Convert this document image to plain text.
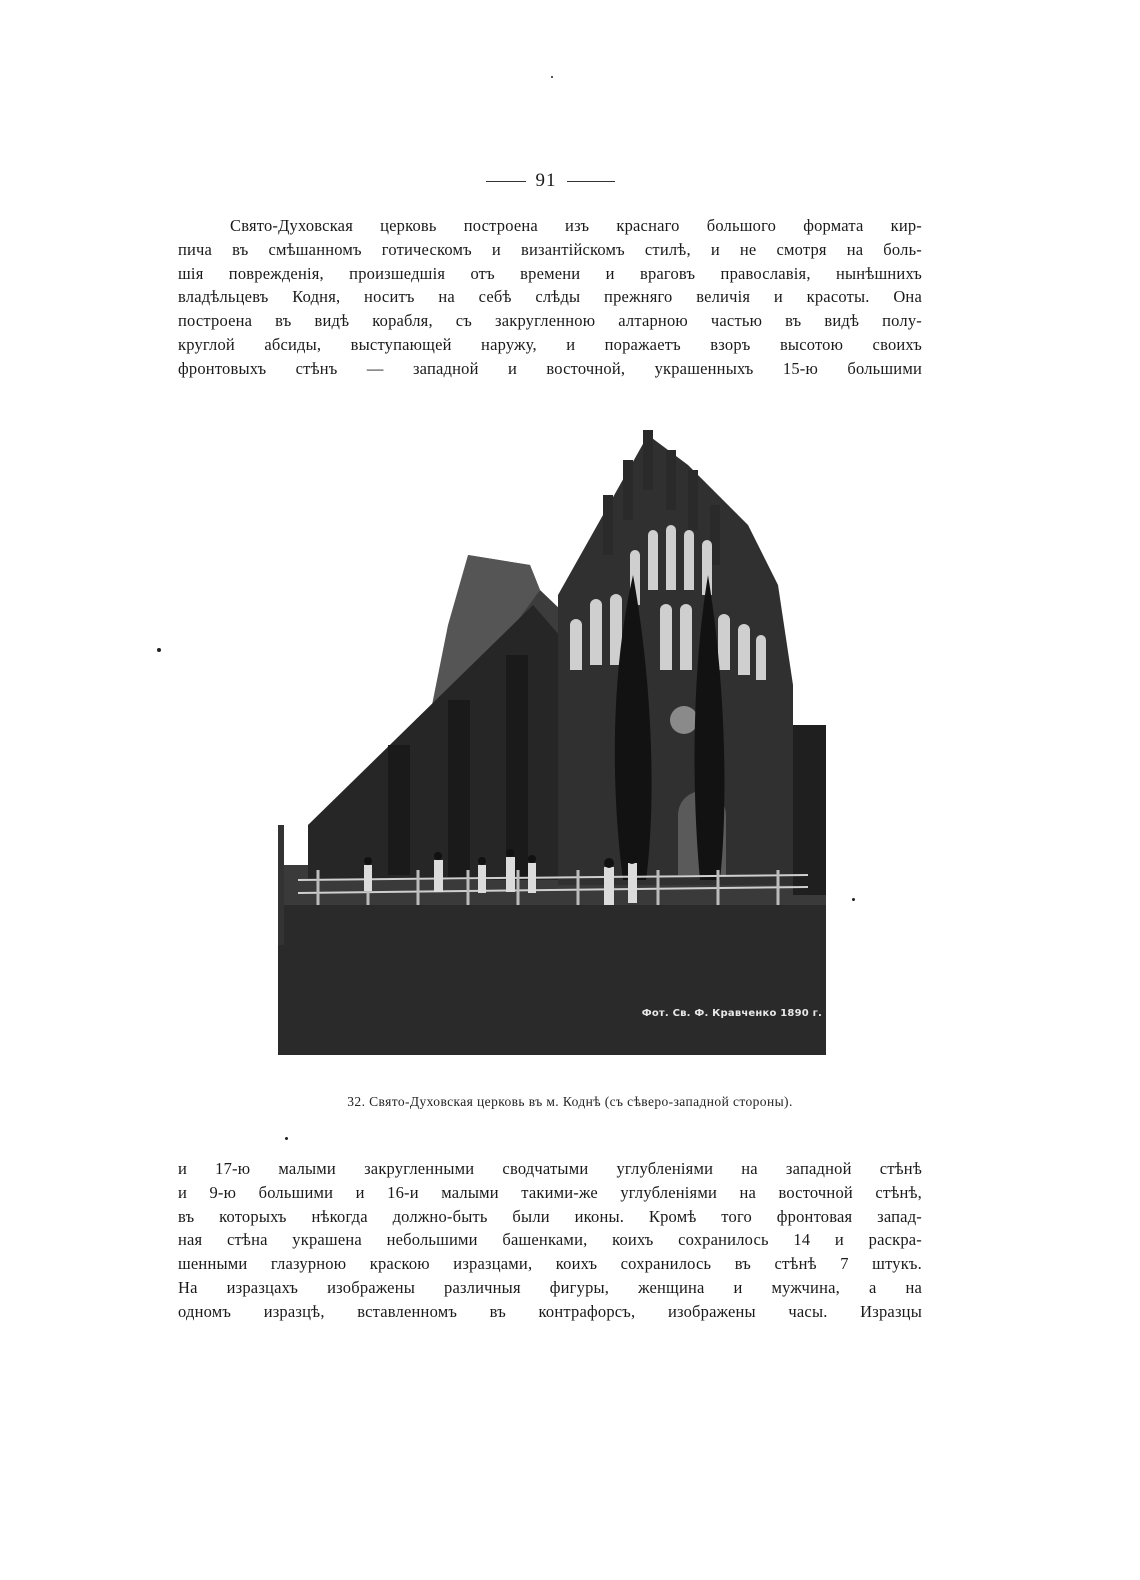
91
Свято-Духовская церковь построена изъ краснаго большого формата кир-
пича въ смѣшанномъ готическомъ и византійскомъ стилѣ, и не смотря на боль-
шія поврежденія, произшедшія отъ времени и враговъ православія, нынѣшнихъ
владѣльцевъ Кодня, носитъ на себѣ слѣды прежняго величія и красоты. Она
построена въ видѣ корабля, съ закругленною алтарною частью въ видѣ полу-
круглой абсиды, выступающей наружу, и поражаетъ взоръ высотою своихъ
фронтовыхъ стѣнъ — западной и восточной, украшенныхъ 15-ю большими
Фот. Св. Ф. Кравченко 1890 г.
32. Свято-Духовская церковь въ м. Коднѣ (съ сѣверо-западной стороны).
и 17-ю малыми закругленными сводчатыми углубленіями на западной стѣнѣ
и 9-ю большими и 16-и малыми такими-же углубленіями на восточной стѣнѣ,
въ которыхъ нѣкогда должно-быть были иконы. Кромѣ того фронтовая запад-
ная стѣна украшена небольшими башенками, коихъ сохранилось 14 и раскра-
шенными глазурною краскою изразцами, коихъ сохранилось въ стѣнѣ 7 штукъ.
На изразцахъ изображены различныя фигуры, женщина и мужчина, а на
одномъ изразцѣ, вставленномъ въ контрафорсъ, изображены часы. Изразцы
